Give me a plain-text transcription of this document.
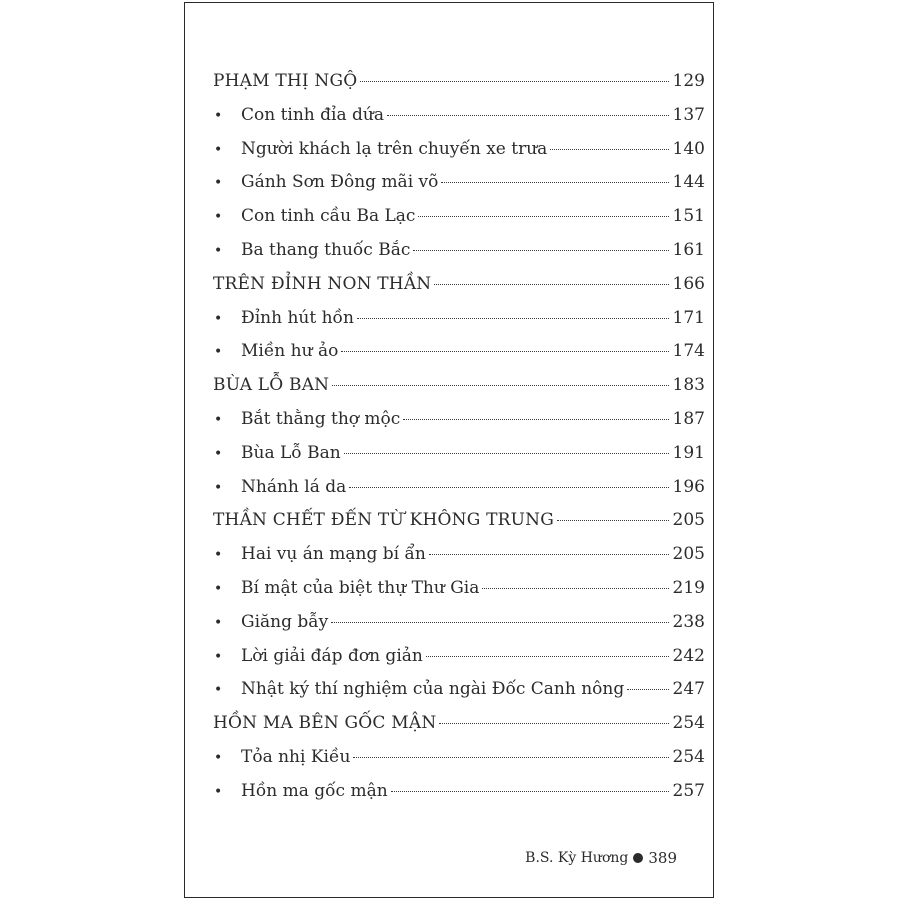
PHẠM THỊ NGỘ	129
•	Con tinh đỉa dứa	137
•	Người khách lạ trên chuyến xe trưa	140
•	Gánh Sơn Đông mãi võ	144
•	Con tinh cầu Ba Lạc	151
•	Ba thang thuốc Bắc	161
TRÊN ĐỈNH NON THẦN	166
•	Đỉnh hút hồn	171
•	Miền hư ảo	174
BÙA LỖ BAN	183
•	Bắt thằng thợ mộc	187
•	Bùa Lỗ Ban	191
•	Nhánh lá da	196
THẦN CHẾT ĐẾN TỪ KHÔNG TRUNG	205
•	Hai vụ án mạng bí ẩn	205
•	Bí mật của biệt thự Thư Gia	219
•	Giăng bẫy	238
•	Lời giải đáp đơn giản	242
•	Nhật ký thí nghiệm của ngài Đốc Canh nông	247
HỒN MA BÊN GỐC MẬN	254
•	Tỏa nhị Kiều	254
•	Hồn ma gốc mận	257
B.S. Kỳ Hương 389
